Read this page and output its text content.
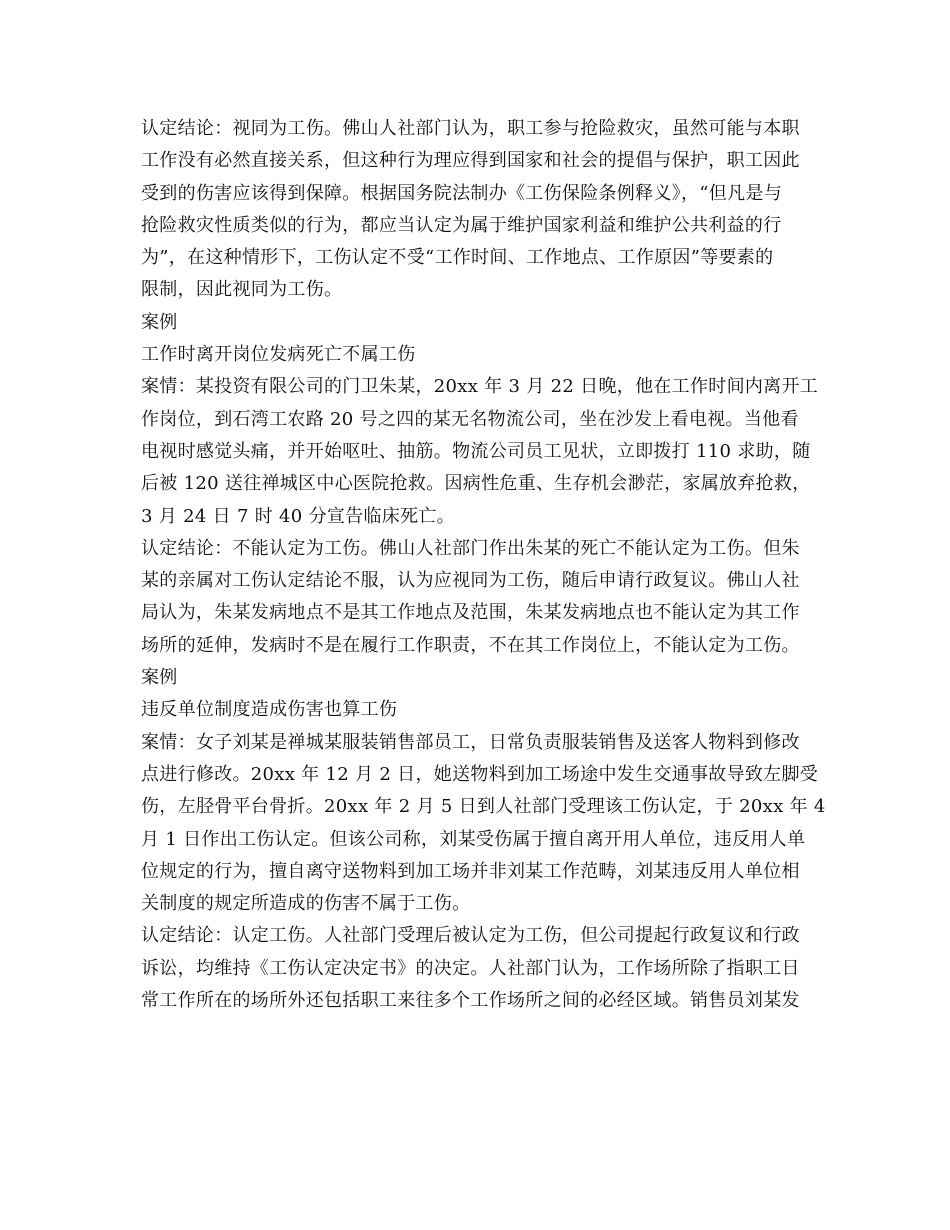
认定结论：视同为工伤。佛山人社部门认为，职工参与抢险救灾，虽然可能与本职
工作没有必然直接关系，但这种行为理应得到国家和社会的提倡与保护，职工因此
受到的伤害应该得到保障。根据国务院法制办《工伤保险条例释义》，“但凡是与
抢险救灾性质类似的行为，都应当认定为属于维护国家利益和维护公共利益的行
为”，在这种情形下，工伤认定不受“工作时间、工作地点、工作原因”等要素的
限制，因此视同为工伤。

案例

工作时离开岗位发病死亡不属工伤

案情：某投资有限公司的门卫朱某，20xx 年 3 月 22 日晚，他在工作时间内离开工
作岗位，到石湾工农路 20 号之四的某无名物流公司，坐在沙发上看电视。当他看
电视时感觉头痛，并开始呕吐、抽筋。物流公司员工见状，立即拨打 110 求助，随
后被 120 送往禅城区中心医院抢救。因病性危重、生存机会渺茫，家属放弃抢救，
3 月 24 日 7 时 40 分宣告临床死亡。

认定结论：不能认定为工伤。佛山人社部门作出朱某的死亡不能认定为工伤。但朱
某的亲属对工伤认定结论不服，认为应视同为工伤，随后申请行政复议。佛山人社
局认为，朱某发病地点不是其工作地点及范围，朱某发病地点也不能认定为其工作
场所的延伸，发病时不是在履行工作职责，不在其工作岗位上，不能认定为工伤。

案例

违反单位制度造成伤害也算工伤

案情：女子刘某是禅城某服装销售部员工，日常负责服装销售及送客人物料到修改
点进行修改。20xx 年 12 月 2 日，她送物料到加工场途中发生交通事故导致左脚受
伤，左胫骨平台骨折。20xx 年 2 月 5 日到人社部门受理该工伤认定，于 20xx 年 4
月 1 日作出工伤认定。但该公司称，刘某受伤属于擅自离开用人单位，违反用人单
位规定的行为，擅自离守送物料到加工场并非刘某工作范畴，刘某违反用人单位相
关制度的规定所造成的伤害不属于工伤。

认定结论：认定工伤。人社部门受理后被认定为工伤，但公司提起行政复议和行政
诉讼，均维持《工伤认定决定书》的决定。人社部门认为，工作场所除了指职工日
常工作所在的场所外还包括职工来往多个工作场所之间的必经区域。销售员刘某发
